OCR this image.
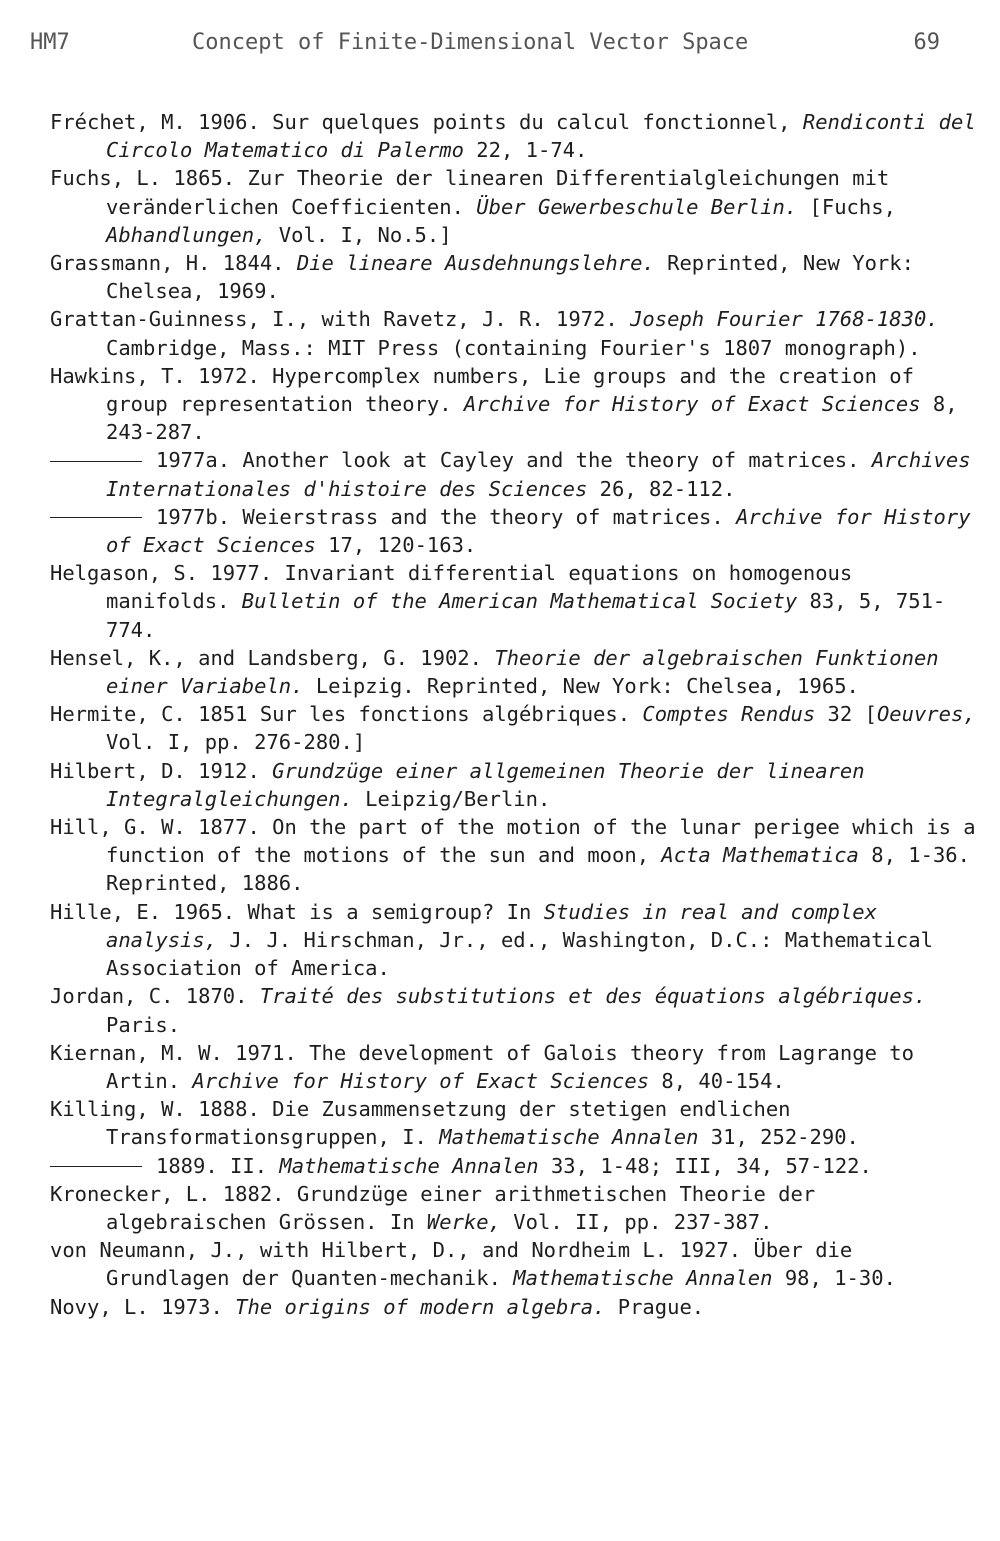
HM7	Concept of Finite-Dimensional Vector Space	69
Fréchet, M. 1906. Sur quelques points du calcul fonctionnel, Rendiconti del Circolo Matematico di Palermo 22, 1-74.
Fuchs, L. 1865. Zur Theorie der linearen Differentialgleichungen mit veränderlichen Coefficienten. Über Gewerbeschule Berlin. [Fuchs, Abhandlungen, Vol. I, No.5.]
Grassmann, H. 1844. Die lineare Ausdehnungslehre. Reprinted, New York: Chelsea, 1969.
Grattan-Guinness, I., with Ravetz, J. R. 1972. Joseph Fourier 1768-1830. Cambridge, Mass.: MIT Press (containing Fourier's 1807 monograph).
Hawkins, T. 1972. Hypercomplex numbers, Lie groups and the creation of group representation theory. Archive for History of Exact Sciences 8, 243-287.
1977a. Another look at Cayley and the theory of matrices. Archives Internationales d'histoire des Sciences 26, 82-112.
1977b. Weierstrass and the theory of matrices. Archive for History of Exact Sciences 17, 120-163.
Helgason, S. 1977. Invariant differential equations on homogenous manifolds. Bulletin of the American Mathematical Society 83, 5, 751-774.
Hensel, K., and Landsberg, G. 1902. Theorie der algebraischen Funktionen einer Variabeln. Leipzig. Reprinted, New York: Chelsea, 1965.
Hermite, C. 1851 Sur les fonctions algébriques. Comptes Rendus 32 [Oeuvres, Vol. I, pp. 276-280.]
Hilbert, D. 1912. Grundzüge einer allgemeinen Theorie der linearen Integralgleichungen. Leipzig/Berlin.
Hill, G. W. 1877. On the part of the motion of the lunar perigee which is a function of the motions of the sun and moon, Acta Mathematica 8, 1-36. Reprinted, 1886.
Hille, E. 1965. What is a semigroup? In Studies in real and complex analysis, J. J. Hirschman, Jr., ed., Washington, D.C.: Mathematical Association of America.
Jordan, C. 1870. Traité des substitutions et des équations algébriques. Paris.
Kiernan, M. W. 1971. The development of Galois theory from Lagrange to Artin. Archive for History of Exact Sciences 8, 40-154.
Killing, W. 1888. Die Zusammensetzung der stetigen endlichen Transformationsgruppen, I. Mathematische Annalen 31, 252-290.
1889. II. Mathematische Annalen 33, 1-48; III, 34, 57-122.
Kronecker, L. 1882. Grundzüge einer arithmetischen Theorie der algebraischen Grössen. In Werke, Vol. II, pp. 237-387.
von Neumann, J., with Hilbert, D., and Nordheim L. 1927. Über die Grundlagen der Quanten-mechanik. Mathematische Annalen 98, 1-30.
Novy, L. 1973. The origins of modern algebra. Prague.
